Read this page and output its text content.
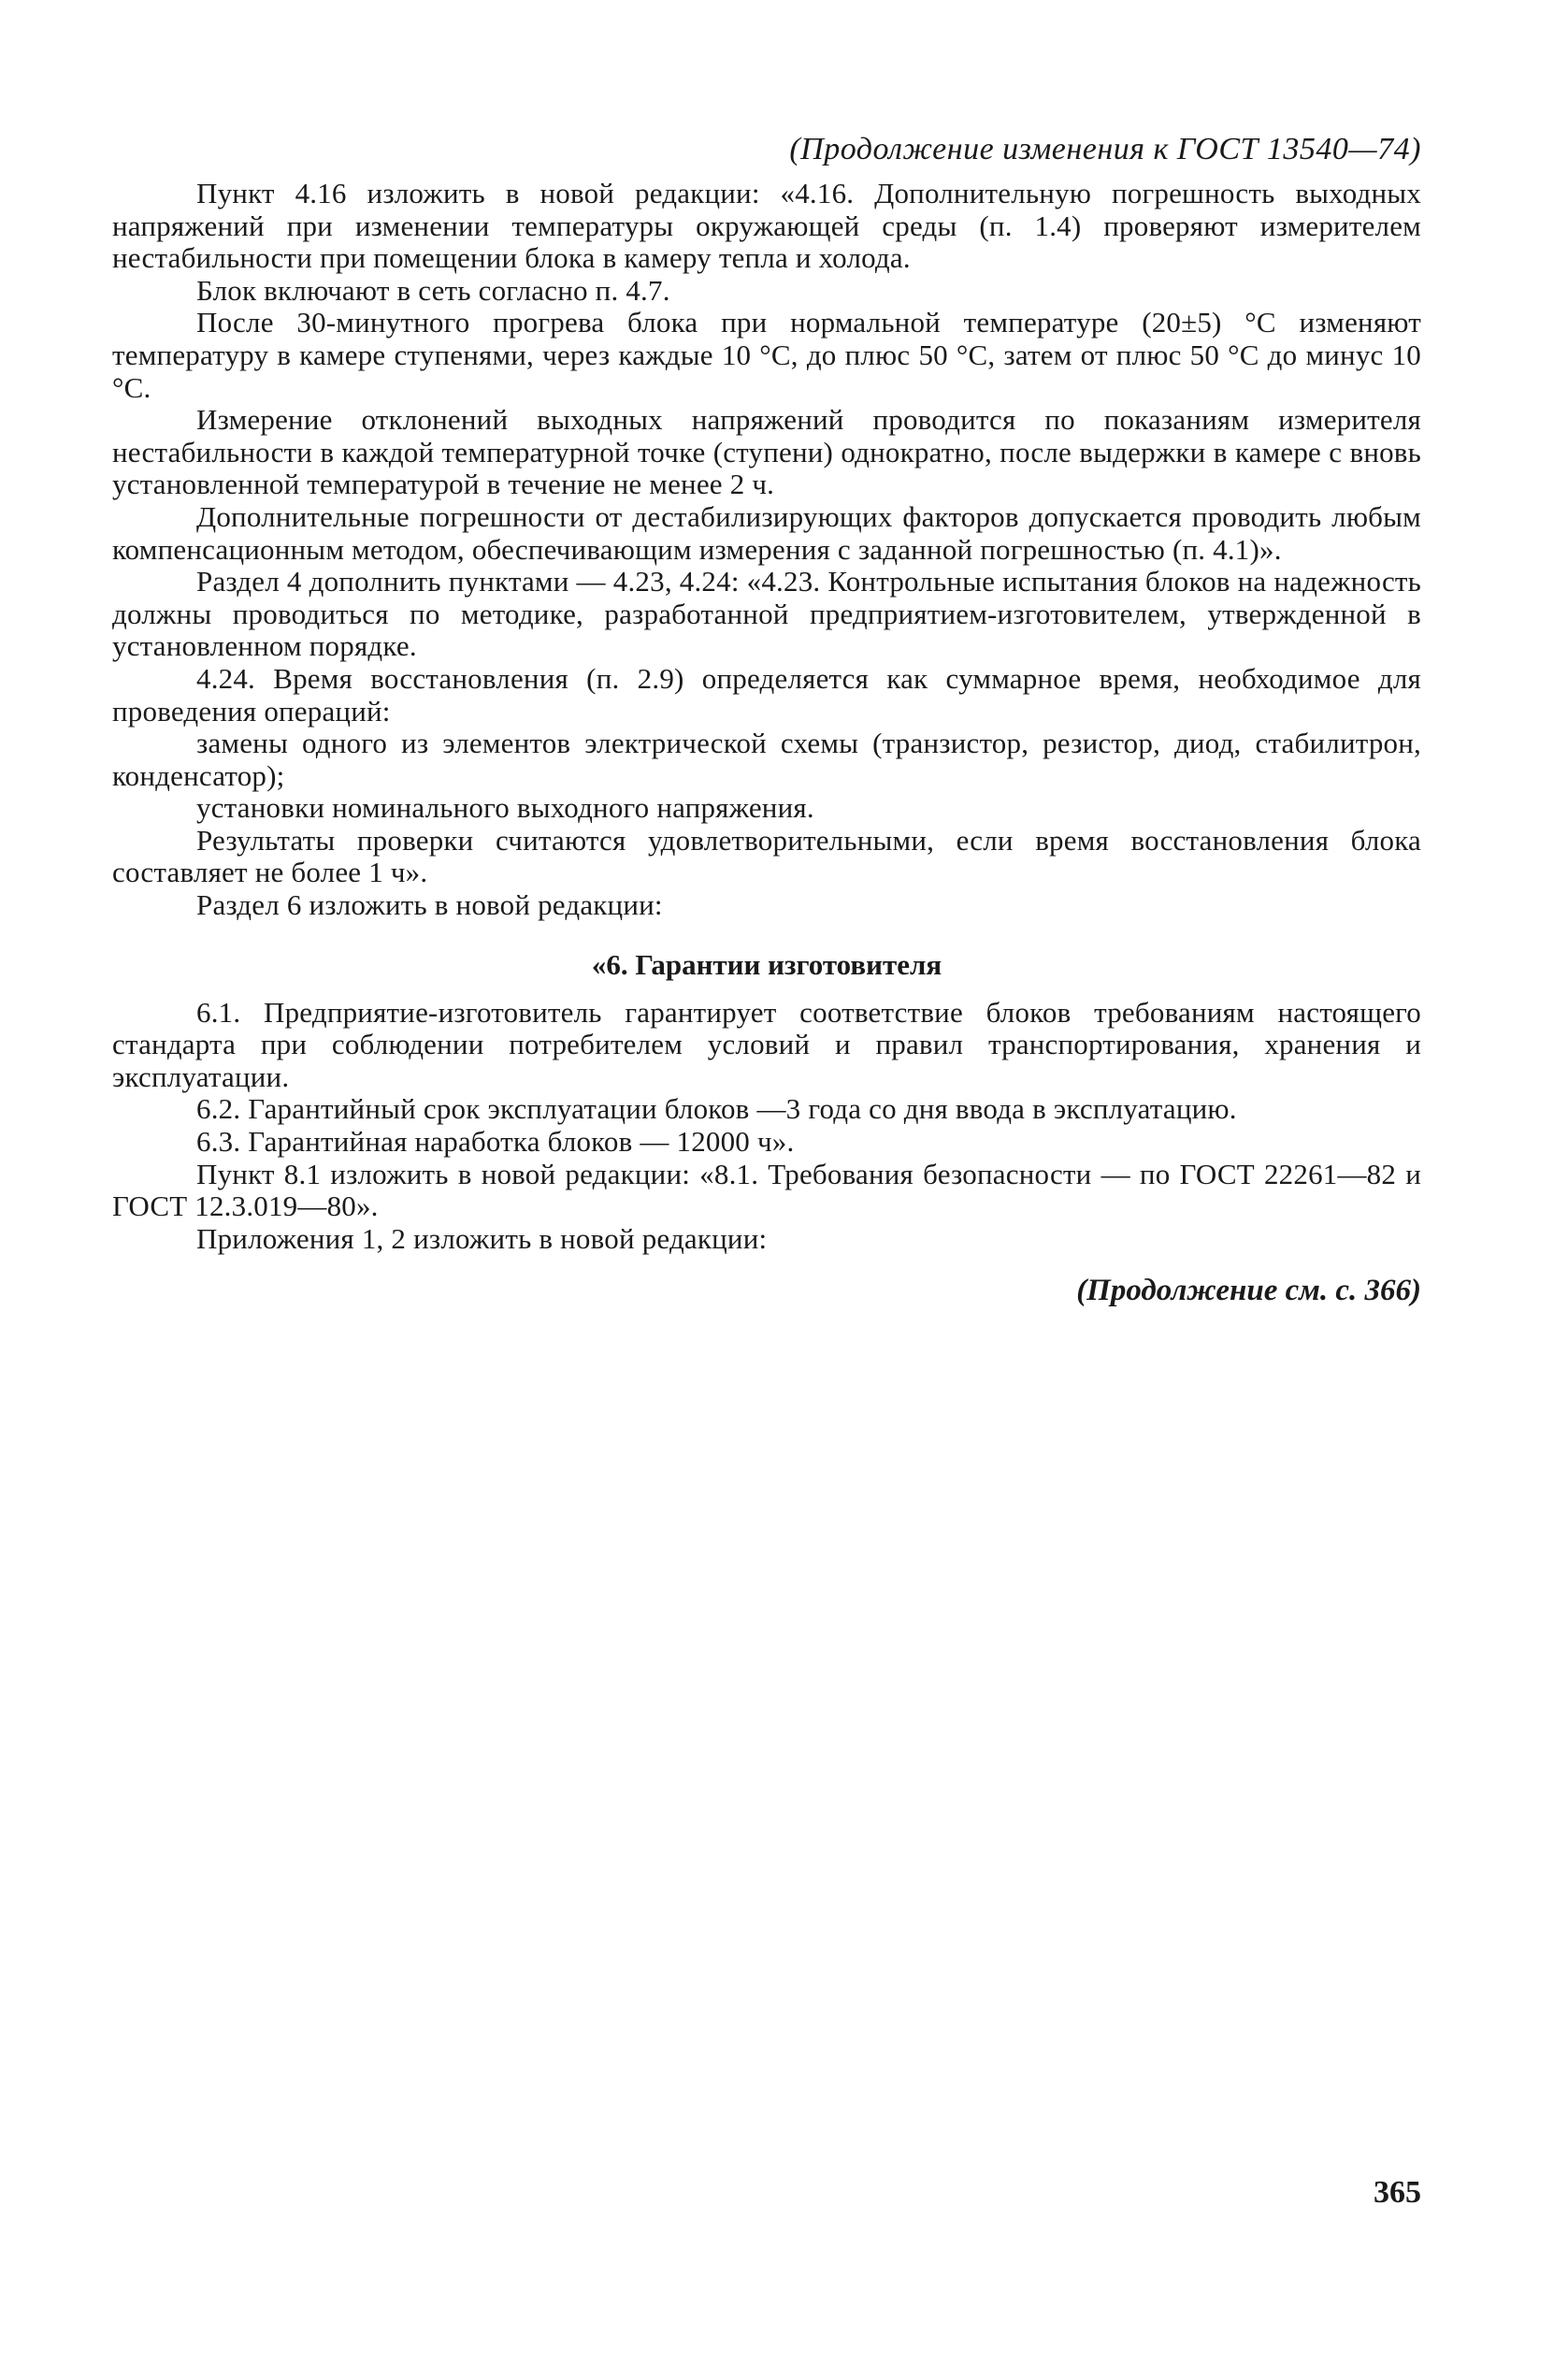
(Продолжение изменения к ГОСТ 13540—74)

Пункт 4.16 изложить в новой редакции: «4.16. Дополнительную погрешность выходных напряжений при изменении температуры окружающей среды (п. 1.4) проверяют измерителем нестабильности при помещении блока в камеру тепла и холода.

Блок включают в сеть согласно п. 4.7.

После 30-минутного прогрева блока при нормальной температуре (20±5) °С изменяют температуру в камере ступенями, через каждые 10 °С, до плюс 50 °С, затем от плюс 50 °С до минус 10 °С.

Измерение отклонений выходных напряжений проводится по показаниям измерителя нестабильности в каждой температурной точке (ступени) однократно, после выдержки в камере с вновь установленной температурой в течение не менее 2 ч.

Дополнительные погрешности от дестабилизирующих факторов допускается проводить любым компенсационным методом, обеспечивающим измерения с заданной погрешностью (п. 4.1)».

Раздел 4 дополнить пунктами — 4.23, 4.24: «4.23. Контрольные испытания блоков на надежность должны проводиться по методике, разработанной предприятием-изготовителем, утвержденной в установленном порядке.

4.24. Время восстановления (п. 2.9) определяется как суммарное время, необходимое для проведения операций:

замены одного из элементов электрической схемы (транзистор, резистор, диод, стабилитрон, конденсатор);

установки номинального выходного напряжения.

Результаты проверки считаются удовлетворительными, если время восстановления блока составляет не более 1 ч».

Раздел 6 изложить в новой редакции:

«6. Гарантии изготовителя

6.1. Предприятие-изготовитель гарантирует соответствие блоков требованиям настоящего стандарта при соблюдении потребителем условий и правил транспортирования, хранения и эксплуатации.

6.2. Гарантийный срок эксплуатации блоков —3 года со дня ввода в эксплуатацию.

6.3. Гарантийная наработка блоков — 12000 ч».

Пункт 8.1 изложить в новой редакции: «8.1. Требования безопасности — по ГОСТ 22261—82 и ГОСТ 12.3.019—80».

Приложения 1, 2 изложить в новой редакции:

(Продолжение см. с. 366)
365
